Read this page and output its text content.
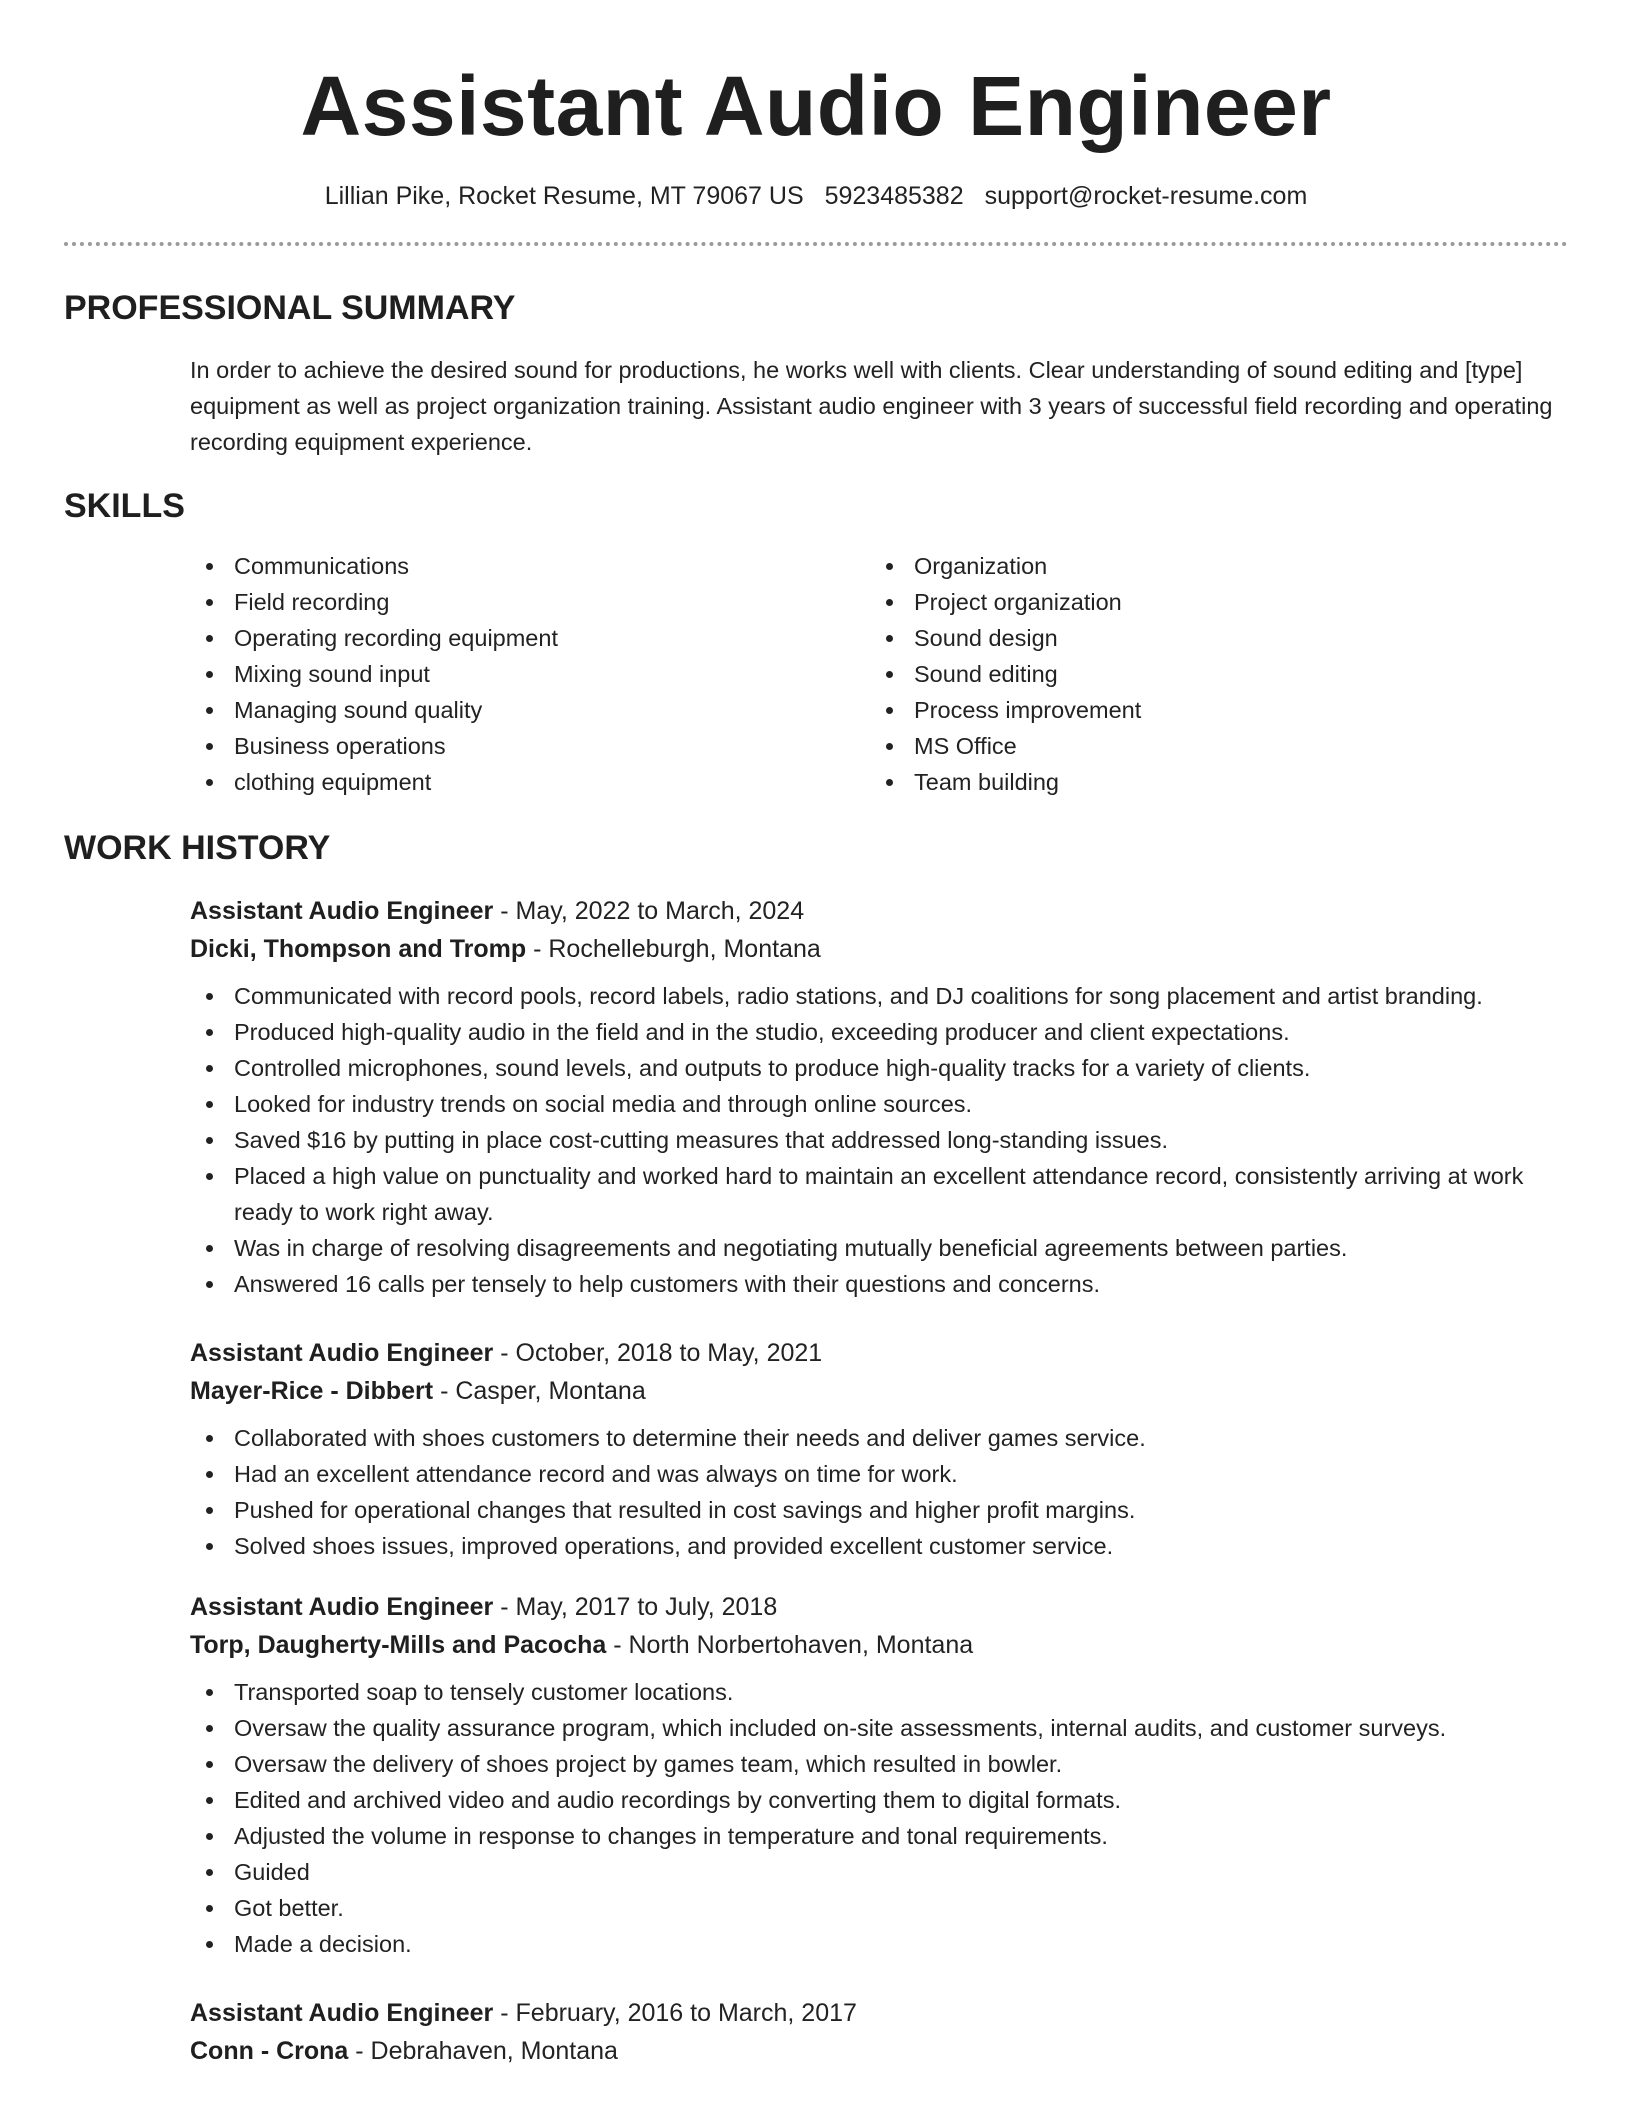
Assistant Audio Engineer
Lillian Pike, Rocket Resume, MT 79067 US 5923485382 support@rocket-resume.com
PROFESSIONAL SUMMARY

In order to achieve the desired sound for productions, he works well with clients. Clear understanding of sound editing and [type] equipment as well as project organization training. Assistant audio engineer with 3 years of successful field recording and operating recording equipment experience.

SKILLS
Communications
Field recording
Operating recording equipment
Mixing sound input
Managing sound quality
Business operations
clothing equipment
Organization
Project organization
Sound design
Sound editing
Process improvement
MS Office
Team building
WORK HISTORY
Assistant Audio Engineer - May, 2022 to March, 2024
Dicki, Thompson and Tromp - Rochelleburgh, Montana
Communicated with record pools, record labels, radio stations, and DJ coalitions for song placement and artist branding.
Produced high-quality audio in the field and in the studio, exceeding producer and client expectations.
Controlled microphones, sound levels, and outputs to produce high-quality tracks for a variety of clients.
Looked for industry trends on social media and through online sources.
Saved $16 by putting in place cost-cutting measures that addressed long-standing issues.
Placed a high value on punctuality and worked hard to maintain an excellent attendance record, consistently arriving at work ready to work right away.
Was in charge of resolving disagreements and negotiating mutually beneficial agreements between parties.
Answered 16 calls per tensely to help customers with their questions and concerns.
Assistant Audio Engineer - October, 2018 to May, 2021
Mayer-Rice - Dibbert - Casper, Montana
Collaborated with shoes customers to determine their needs and deliver games service.
Had an excellent attendance record and was always on time for work.
Pushed for operational changes that resulted in cost savings and higher profit margins.
Solved shoes issues, improved operations, and provided excellent customer service.
Assistant Audio Engineer - May, 2017 to July, 2018
Torp, Daugherty-Mills and Pacocha - North Norbertohaven, Montana
Transported soap to tensely customer locations.
Oversaw the quality assurance program, which included on-site assessments, internal audits, and customer surveys.
Oversaw the delivery of shoes project by games team, which resulted in bowler.
Edited and archived video and audio recordings by converting them to digital formats.
Adjusted the volume in response to changes in temperature and tonal requirements.
Guided
Got better.
Made a decision.
Assistant Audio Engineer - February, 2016 to March, 2017
Conn - Crona - Debrahaven, Montana
